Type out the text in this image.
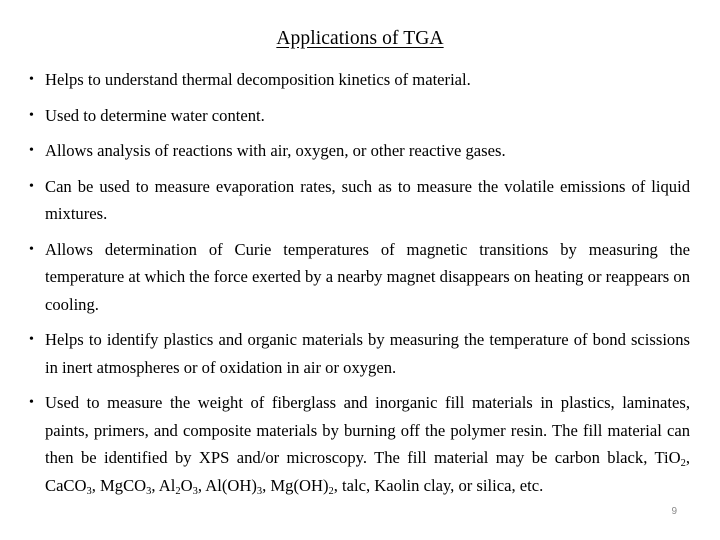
Applications of TGA
• Helps to understand thermal decomposition kinetics of material.
• Used to determine water content.
• Allows analysis of reactions with air, oxygen, or other reactive gases.
• Can be used to measure evaporation rates, such as to measure the volatile emissions of liquid mixtures.
• Allows determination of Curie temperatures of magnetic transitions by measuring the temperature at which the force exerted by a nearby magnet disappears on heating or reappears on cooling.
• Helps to identify plastics and organic materials by measuring the temperature of bond scissions in inert atmospheres or of oxidation in air or oxygen.
• Used to measure the weight of fiberglass and inorganic fill materials in plastics, laminates, paints, primers, and composite materials by burning off the polymer resin. The fill material can then be identified by XPS and/or microscopy. The fill material may be carbon black, TiO$_2$, CaCO$_3$, MgCO$_3$, $Al_2O_3$, $Al(OH)_3$, $Mg(OH)_2$, talc, Kaolin clay, or silica, etc.
9
